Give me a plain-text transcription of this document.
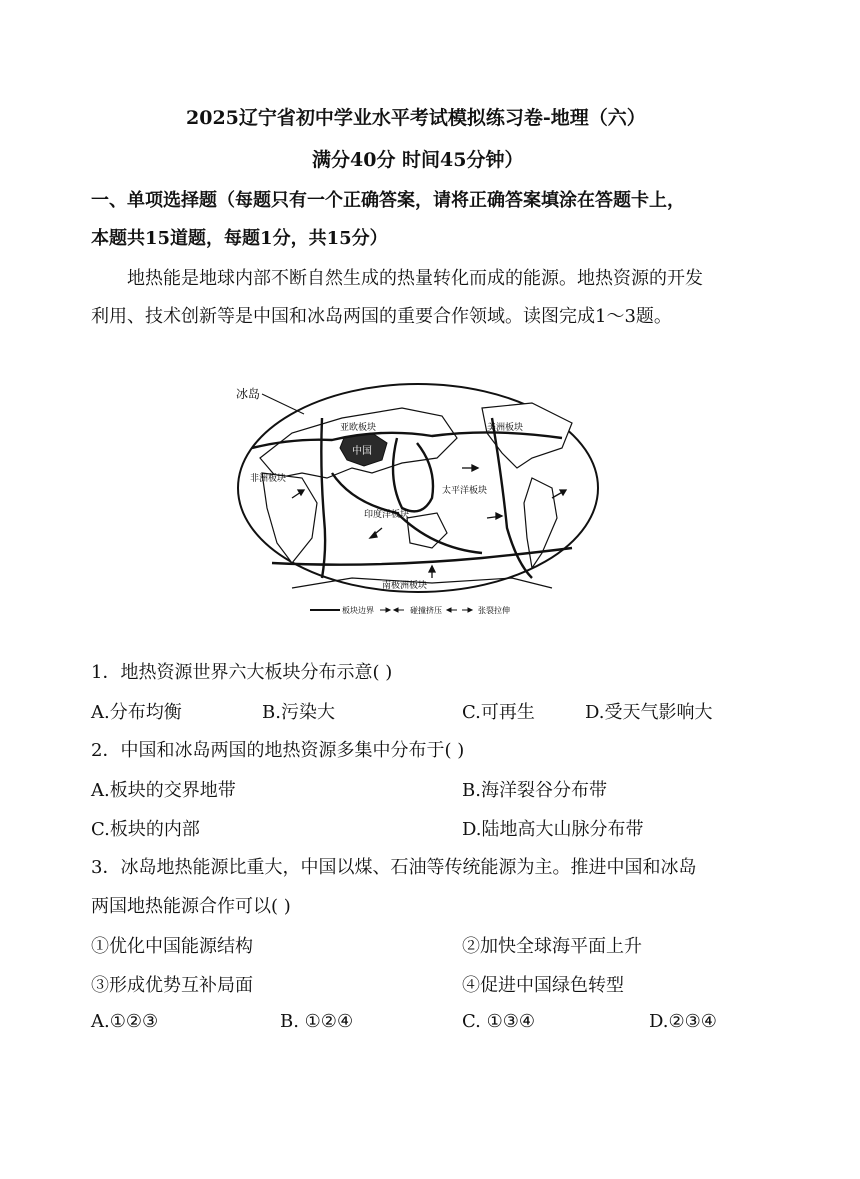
2025辽宁省初中学业水平考试模拟练习卷-地理（六）
满分40分 时间45分钟）
一、单项选择题（每题只有一个正确答案，请将正确答案填涂在答题卡上，
本题共15道题，每题1分，共15分）
地热能是地球内部不断自然生成的热量转化而成的能源。地热资源的开发
利用、技术创新等是中国和冰岛两国的重要合作领域。读图完成1～3题。
冰岛
亚欧板块
中国
美洲板块
非洲板块
印度洋板块
太平洋板块
南极洲板块
板块边界	碰撞挤压	张裂拉伸
1．地热资源世界六大板块分布示意( )
A.分布均衡	B.污染大	C.可再生	D.受天气影响大
2．中国和冰岛两国的地热资源多集中分布于( )
A.板块的交界地带	B.海洋裂谷分布带
C.板块的内部	D.陆地高大山脉分布带
3．冰岛地热能源比重大，中国以煤、石油等传统能源为主。推进中国和冰岛
两国地热能源合作可以( )
①优化中国能源结构	②加快全球海平面上升
③形成优势互补局面	④促进中国绿色转型
A.①②③	B. ①②④	C. ①③④	D.②③④
